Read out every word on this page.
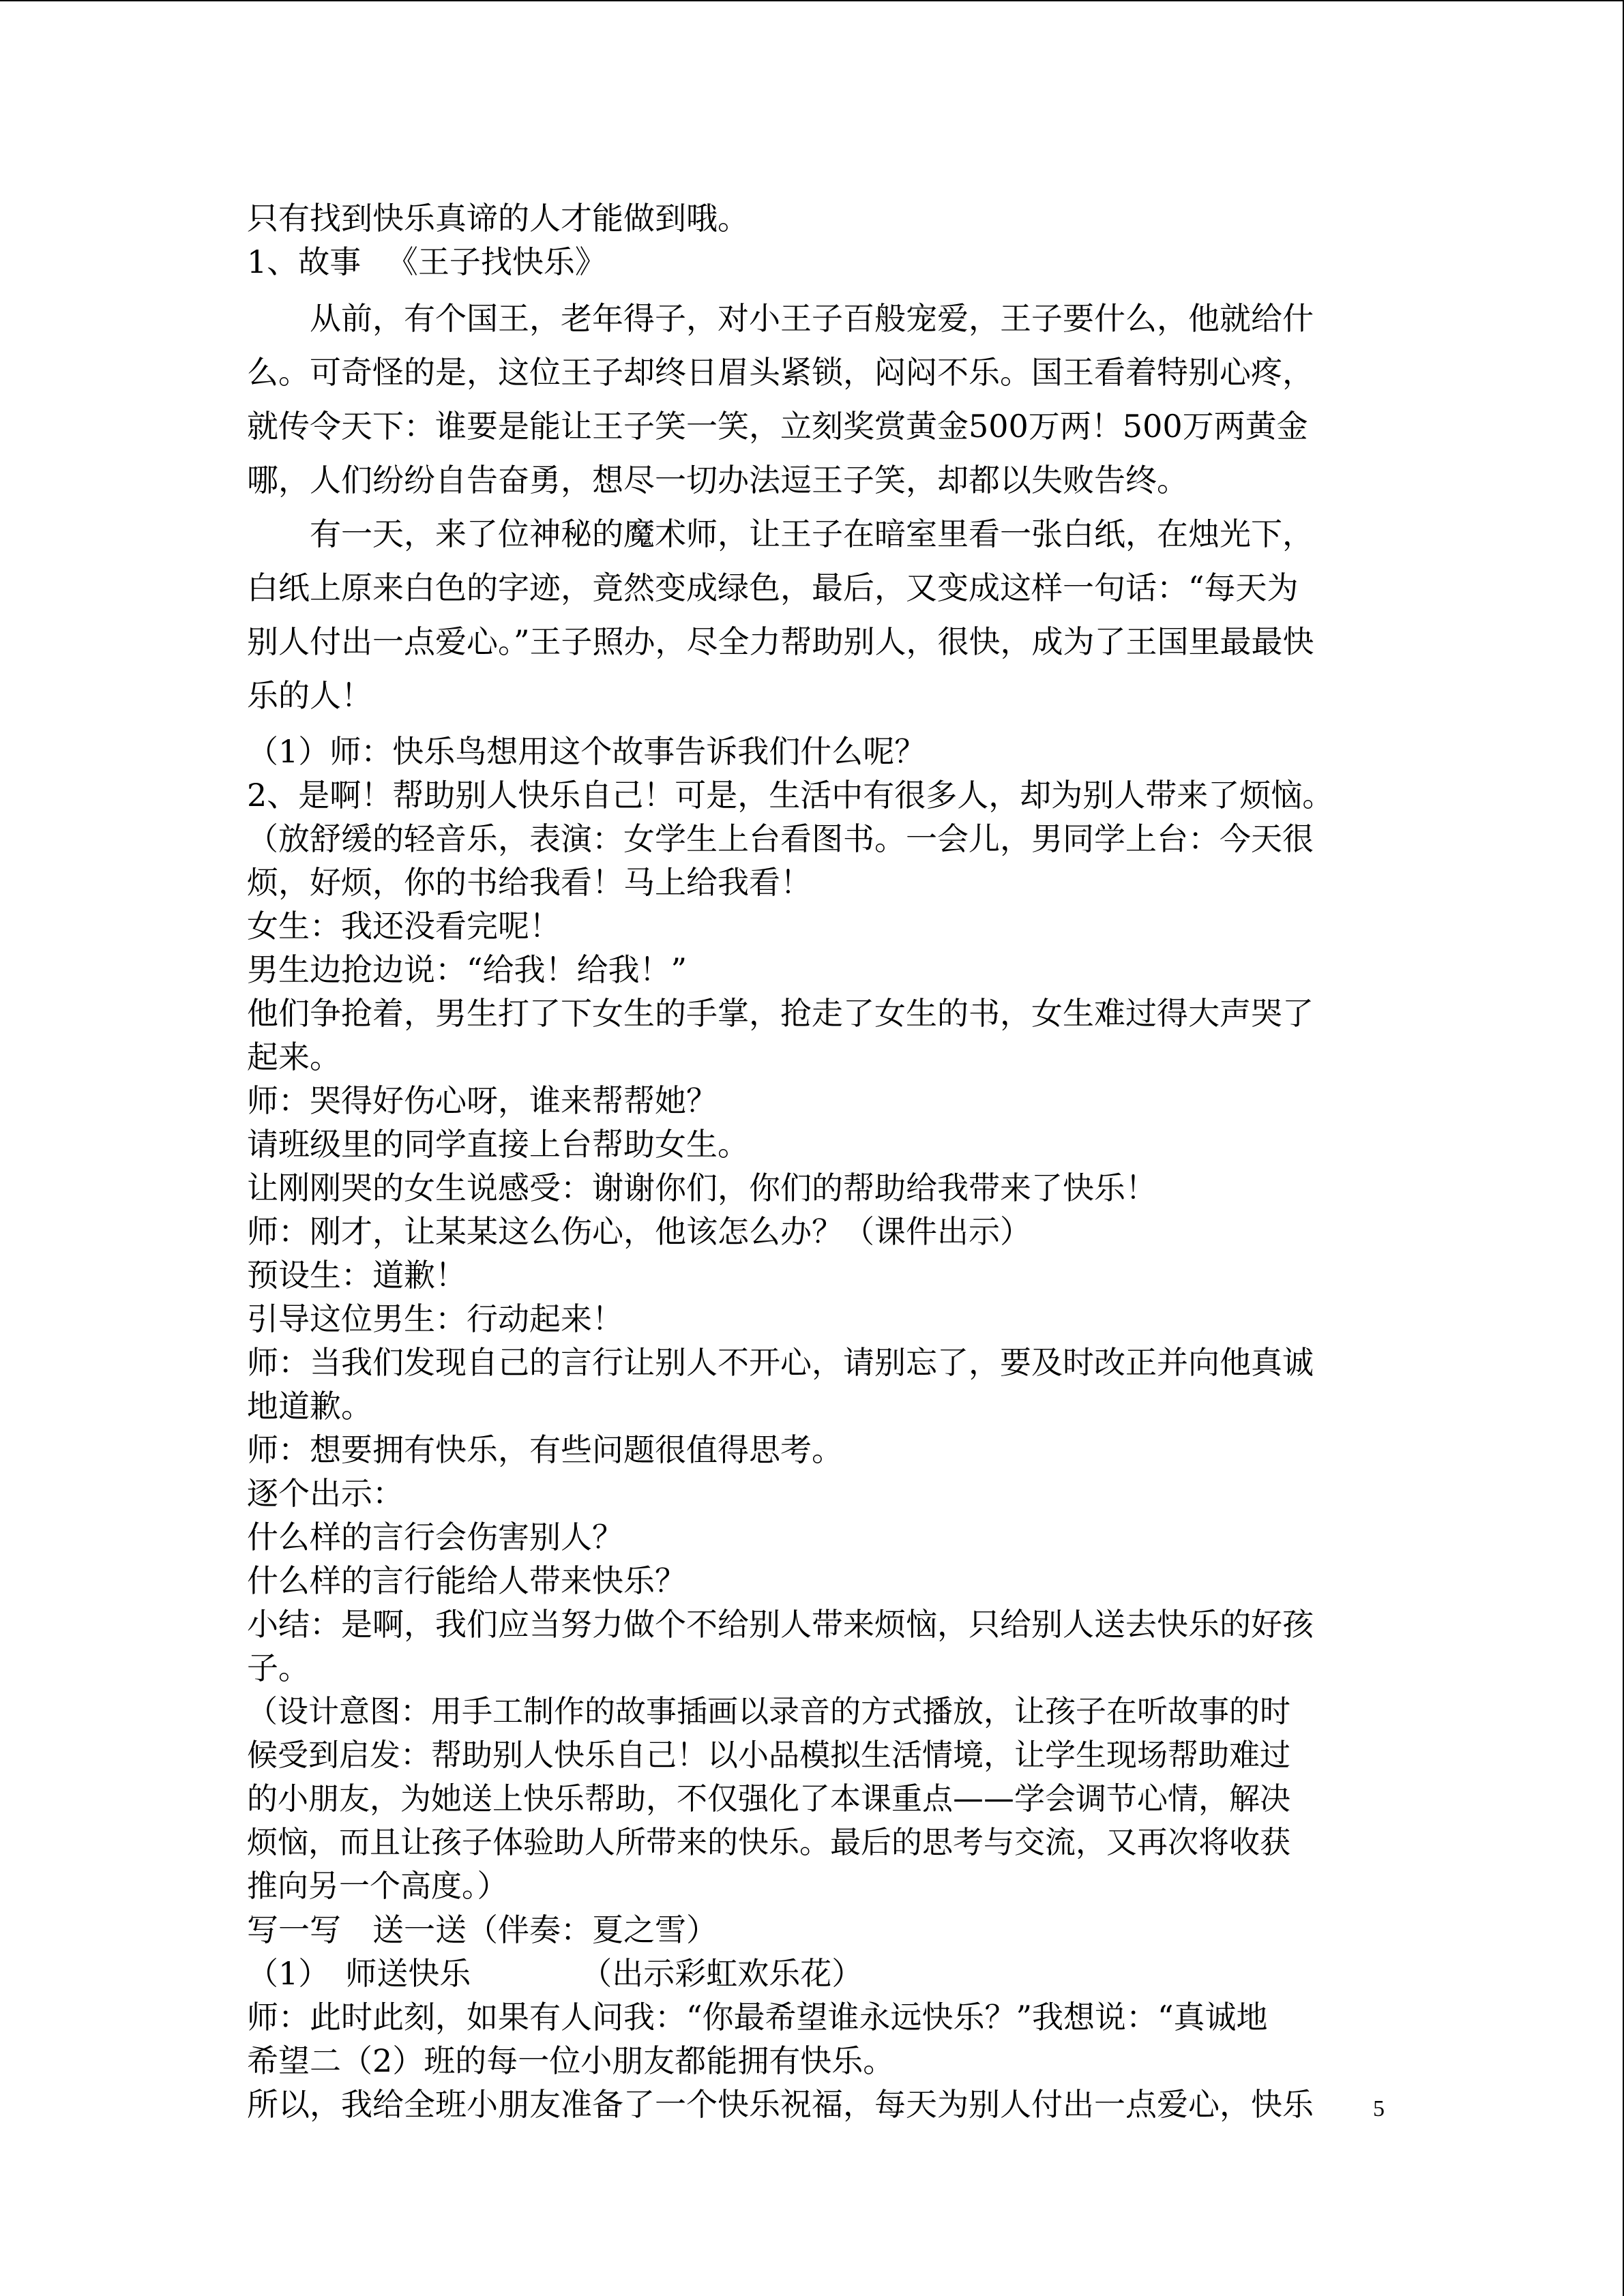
只有找到快乐真谛的人才能做到哦。

1、故事 　《王子找快乐》

从前，有个国王，老年得子，对小王子百般宠爱，王子要什么，他就给什

么。可奇怪的是，这位王子却终日眉头紧锁，闷闷不乐。国王看着特别心疼，

就传令天下：谁要是能让王子笑一笑，立刻奖赏黄金500万两！500万两黄金

哪，人们纷纷自告奋勇，想尽一切办法逗王子笑，却都以失败告终。

有一天，来了位神秘的魔术师，让王子在暗室里看一张白纸，在烛光下，

白纸上原来白色的字迹，竟然变成绿色，最后，又变成这样一句话：“每天为

别人付出一点爱心。”王子照办，尽全力帮助别人，很快，成为了王国里最最快

乐的人！

（1）师：快乐鸟想用这个故事告诉我们什么呢？

2、是啊！帮助别人快乐自己！可是，生活中有很多人，却为别人带来了烦恼。

（放舒缓的轻音乐，表演：女学生上台看图书。一会儿，男同学上台：今天很

烦，好烦，你的书给我看！马上给我看！

女生：我还没看完呢！

男生边抢边说：“给我！给我！”

他们争抢着，男生打了下女生的手掌，抢走了女生的书，女生难过得大声哭了

起来。

师：哭得好伤心呀，谁来帮帮她？

请班级里的同学直接上台帮助女生。

让刚刚哭的女生说感受：谢谢你们，你们的帮助给我带来了快乐！

师：刚才，让某某这么伤心，他该怎么办？（课件出示）

预设生：道歉！

引导这位男生：行动起来！

师：当我们发现自己的言行让别人不开心，请别忘了，要及时改正并向他真诚

地道歉。

师：想要拥有快乐，有些问题很值得思考。

逐个出示：

什么样的言行会伤害别人？

什么样的言行能给人带来快乐？

小结：是啊，我们应当努力做个不给别人带来烦恼，只给别人送去快乐的好孩

子。

（设计意图：用手工制作的故事插画以录音的方式播放，让孩子在听故事的时

候受到启发：帮助别人快乐自己！以小品模拟生活情境，让学生现场帮助难过

的小朋友，为她送上快乐帮助，不仅强化了本课重点——学会调节心情，解决

烦恼，而且让孩子体验助人所带来的快乐。最后的思考与交流，又再次将收获

推向另一个高度。）

写一写　送一送（伴奏：夏之雪）

（1）　师送快乐　　　　（出示彩虹欢乐花）

师：此时此刻，如果有人问我：“你最希望谁永远快乐？”我想说：“真诚地

希望二（2）班的每一位小朋友都能拥有快乐。

所以，我给全班小朋友准备了一个快乐祝福，每天为别人付出一点爱心，快乐	5
